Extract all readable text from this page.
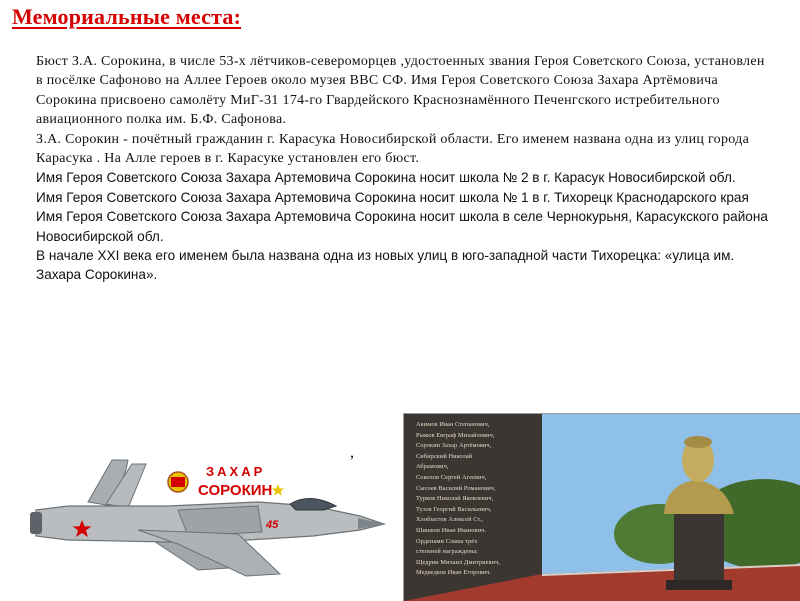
Мемориальные места:

Бюст З.А. Сорокина, в числе 53-х лётчиков-североморцев ,удостоенных звания Героя Советского Союза, установлен в посёлке Сафоново на Аллее Героев около музея ВВС СФ. Имя Героя Советского Союза Захара Артёмовича Сорокина присвоено самолёту МиГ-31 174-го Гвардейского Краснознамённого Печенгского истребительного авиационного полка им. Б.Ф. Сафонова.

З.А. Сорокин - почётный гражданин г. Карасука Новосибирской области. Его именем названа одна из улиц города Карасука . На Алле героев в г. Карасуке установлен его бюст.

Имя Героя Советского Союза Захара Артемовича Сорокина носит школа № 2 в г. Карасук Новосибирской обл.

Имя Героя Советского Союза Захара Артемовича Сорокина носит школа № 1 в г. Тихорецк Краснодарского края

Имя Героя Советского Союза Захара Артемовича Сорокина носит школа в селе Чернокурьня, Карасукского района Новосибирской обл.

В начале XXI века его именем была названа одна из новых улиц в юго-западной части Тихорецка: «улица им. Захара Сорокина».

,
45
ЗАХАР
СОРОКИН
Акимов Иван Степанович,
Рыжов Евграф Михайлович,
Сорокин Захар Артёмович,
Сибирский Николай
Абрамович,
Соколов Сергей Агеевич,
Сысоев Василий Романович,
Турков Николай Яковлевич,
Тузов Георгий Васильевич,
Хлобыстов Алексей Ст.,
Шишков Иван Иванович.
Орденами Славы трёх
степеней награждены:
Щедрин Михаил Дмитриевич,
Медведков Иван Егорович.
